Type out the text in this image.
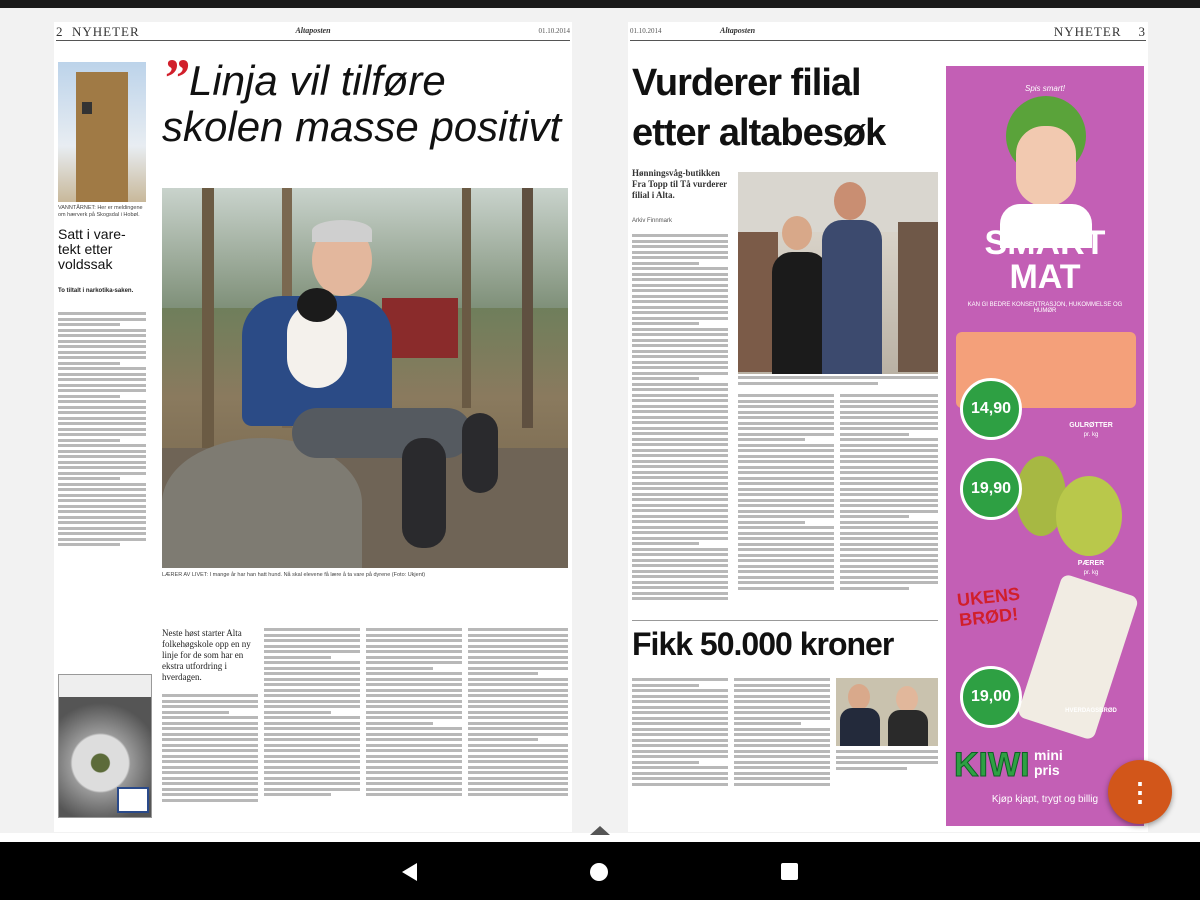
2 NYHETER	Altaposten	01.10.2014
VANNTÅRNET: Her er meldingene om hærverk på Skogsdal i Hobøl.
Satt i vare-tekt etter voldssak
To tiltalt i narkotika-saken.
”Linja vil tilføre skolen masse positivt
LÆRER AV LIVET: I mange år har han hatt hund. Nå skal elevene få lære å ta vare på dyrene (Foto: Ukjent)
Neste høst starter Alta folkehøgskole opp en ny linje for de som har en ekstra utfordring i hverdagen.
01.10.2014	Altaposten	NYHETER 3
Vurderer filial etter altabesøk
Hønningsvåg-butikken Fra Topp til Tå vurderer filial i Alta.
Arkiv Finnmark
Fikk 50.000 kroner
Spis smart!
SMART
MAT
KAN GI BEDRE KONSENTRASJON, HUKOMMELSE OG HUMØR
14,90
GULRØTTER
pr. kg
19,90
PÆRER
pr. kg
UKENS BRØD!
19,00
HVERDAGSBRØD
KIWI mini pris
Kjøp kjapt, trygt og billig	⋮
